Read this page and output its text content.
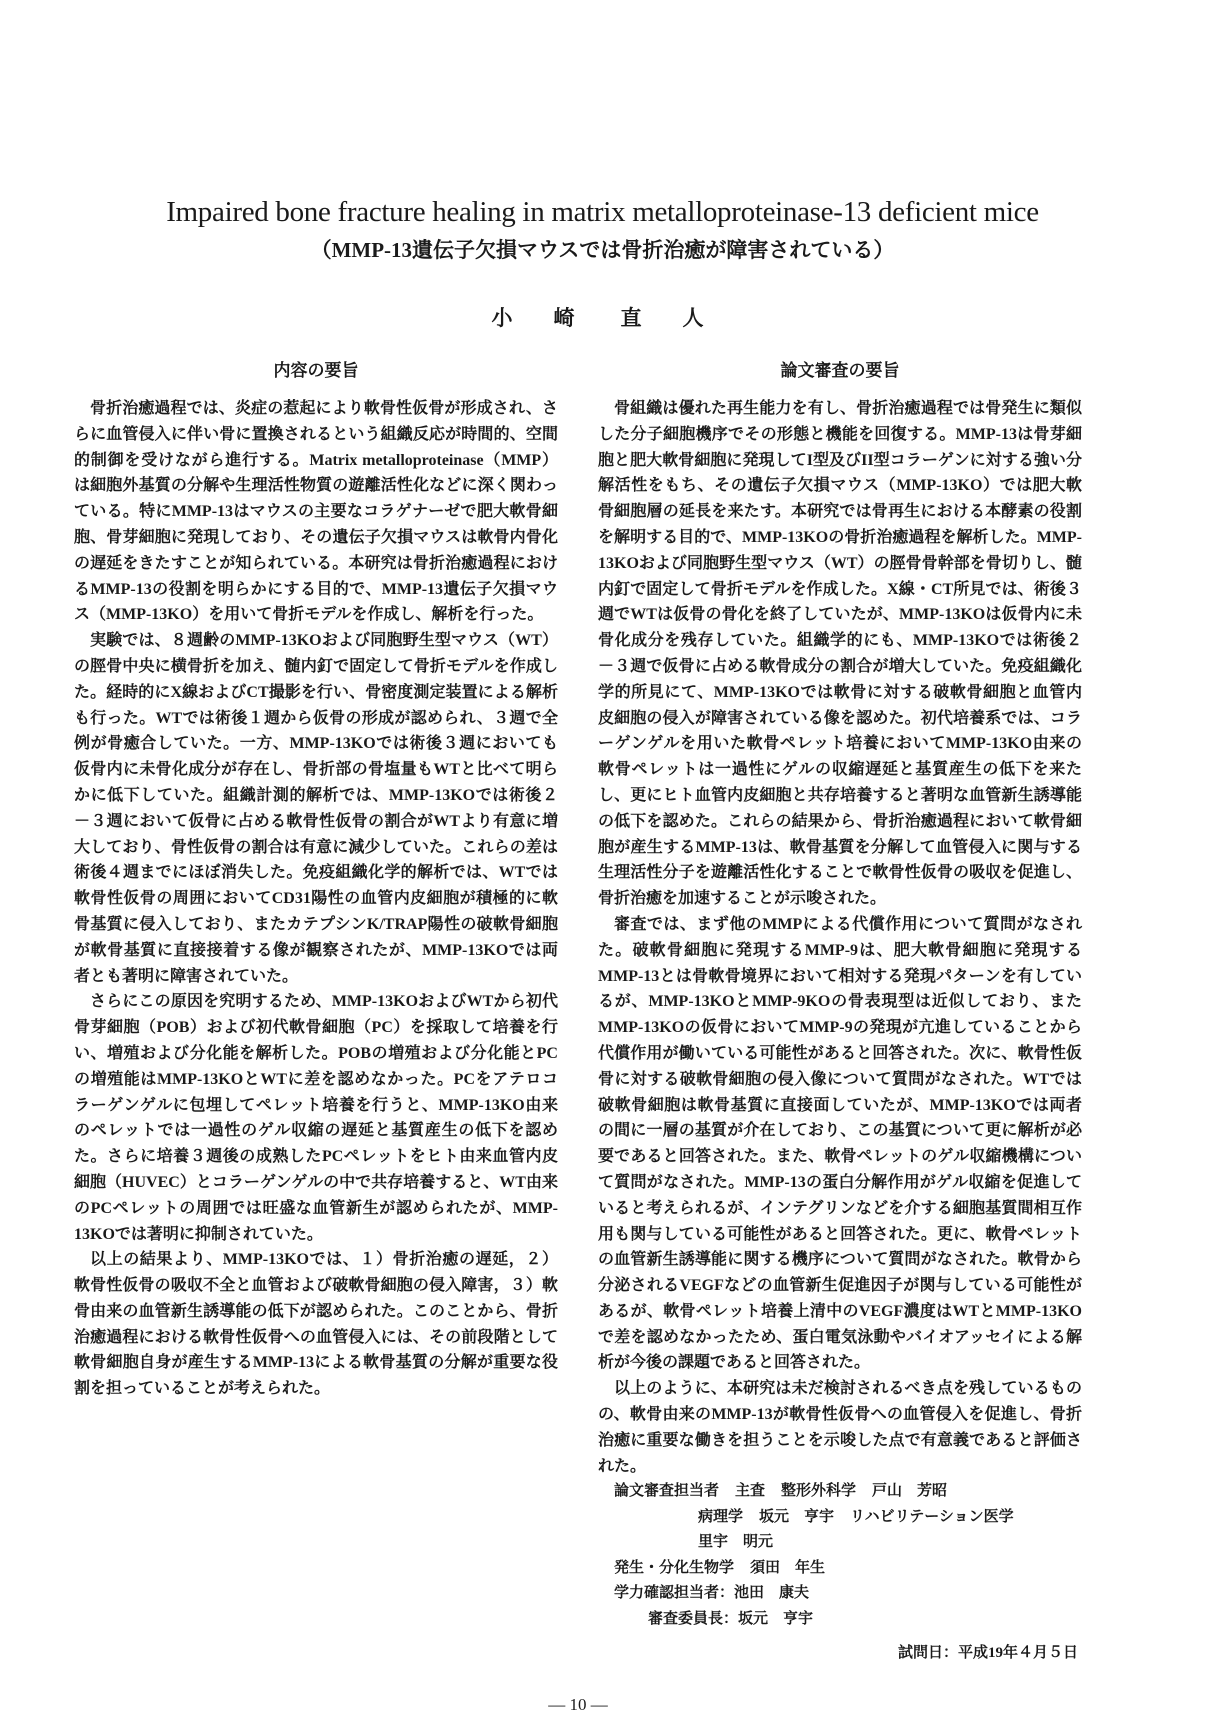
Impaired bone fracture healing in matrix metalloproteinase-13 deficient mice
（MMP-13遺伝子欠損マウスでは骨折治癒が障害されている）
小　崎 直　人
内容の要旨

骨折治癒過程では、炎症の惹起により軟骨性仮骨が形成され、さらに血管侵入に伴い骨に置換されるという組織反応が時間的、空間的制御を受けながら進行する。Matrix metalloproteinase（MMP）は細胞外基質の分解や生理活性物質の遊離活性化などに深く関わっている。特にMMP-13はマウスの主要なコラゲナーゼで肥大軟骨細胞、骨芽細胞に発現しており、その遺伝子欠損マウスは軟骨内骨化の遅延をきたすことが知られている。本研究は骨折治癒過程におけるMMP-13の役割を明らかにする目的で、MMP-13遺伝子欠損マウス（MMP-13KO）を用いて骨折モデルを作成し、解析を行った。

実験では、８週齢のMMP-13KOおよび同胞野生型マウス（WT）の脛骨中央に横骨折を加え、髄内釘で固定して骨折モデルを作成した。経時的にX線およびCT撮影を行い、骨密度測定装置による解析も行った。WTでは術後１週から仮骨の形成が認められ、３週で全例が骨癒合していた。一方、MMP-13KOでは術後３週においても仮骨内に未骨化成分が存在し、骨折部の骨塩量もWTと比べて明らかに低下していた。組織計測的解析では、MMP-13KOでは術後２－３週において仮骨に占める軟骨性仮骨の割合がWTより有意に増大しており、骨性仮骨の割合は有意に減少していた。これらの差は術後４週までにほぼ消失した。免疫組織化学的解析では、WTでは軟骨性仮骨の周囲においてCD31陽性の血管内皮細胞が積極的に軟骨基質に侵入しており、またカテプシンK/TRAP陽性の破軟骨細胞が軟骨基質に直接接着する像が観察されたが、MMP-13KOでは両者とも著明に障害されていた。

さらにこの原因を究明するため、MMP-13KOおよびWTから初代骨芽細胞（POB）および初代軟骨細胞（PC）を採取して培養を行い、増殖および分化能を解析した。POBの増殖および分化能とPCの増殖能はMMP-13KOとWTに差を認めなかった。PCをアテロコラーゲンゲルに包埋してペレット培養を行うと、MMP-13KO由来のペレットでは一過性のゲル収縮の遅延と基質産生の低下を認めた。さらに培養３週後の成熟したPCペレットをヒト由来血管内皮細胞（HUVEC）とコラーゲンゲルの中で共存培養すると、WT由来のPCペレットの周囲では旺盛な血管新生が認められたが、MMP-13KOでは著明に抑制されていた。

以上の結果より、MMP-13KOでは、１）骨折治癒の遅延，２）軟骨性仮骨の吸収不全と血管および破軟骨細胞の侵入障害，３）軟骨由来の血管新生誘導能の低下が認められた。このことから、骨折治癒過程における軟骨性仮骨への血管侵入には、その前段階として軟骨細胞自身が産生するMMP-13による軟骨基質の分解が重要な役割を担っていることが考えられた。

論文審査の要旨

骨組織は優れた再生能力を有し、骨折治癒過程では骨発生に類似した分子細胞機序でその形態と機能を回復する。MMP-13は骨芽細胞と肥大軟骨細胞に発現してI型及びII型コラーゲンに対する強い分解活性をもち、その遺伝子欠損マウス（MMP-13KO）では肥大軟骨細胞層の延長を来たす。本研究では骨再生における本酵素の役割を解明する目的で、MMP-13KOの骨折治癒過程を解析した。MMP-13KOおよび同胞野生型マウス（WT）の脛骨骨幹部を骨切りし、髄内釘で固定して骨折モデルを作成した。X線・CT所見では、術後３週でWTは仮骨の骨化を終了していたが、MMP-13KOは仮骨内に未骨化成分を残存していた。組織学的にも、MMP-13KOでは術後２－３週で仮骨に占める軟骨成分の割合が増大していた。免疫組織化学的所見にて、MMP-13KOでは軟骨に対する破軟骨細胞と血管内皮細胞の侵入が障害されている像を認めた。初代培養系では、コラーゲンゲルを用いた軟骨ペレット培養においてMMP-13KO由来の軟骨ペレットは一過性にゲルの収縮遅延と基質産生の低下を来たし、更にヒト血管内皮細胞と共存培養すると著明な血管新生誘導能の低下を認めた。これらの結果から、骨折治癒過程において軟骨細胞が産生するMMP-13は、軟骨基質を分解して血管侵入に関与する生理活性分子を遊離活性化することで軟骨性仮骨の吸収を促進し、骨折治癒を加速することが示唆された。

審査では、まず他のMMPによる代償作用について質問がなされた。破軟骨細胞に発現するMMP-9は、肥大軟骨細胞に発現するMMP-13とは骨軟骨境界において相対する発現パターンを有しているが、MMP-13KOとMMP-9KOの骨表現型は近似しており、またMMP-13KOの仮骨においてMMP-9の発現が亢進していることから代償作用が働いている可能性があると回答された。次に、軟骨性仮骨に対する破軟骨細胞の侵入像について質問がなされた。WTでは破軟骨細胞は軟骨基質に直接面していたが、MMP-13KOでは両者の間に一層の基質が介在しており、この基質について更に解析が必要であると回答された。また、軟骨ペレットのゲル収縮機構について質問がなされた。MMP-13の蛋白分解作用がゲル収縮を促進していると考えられるが、インテグリンなどを介する細胞基質間相互作用も関与している可能性があると回答された。更に、軟骨ペレットの血管新生誘導能に関する機序について質問がなされた。軟骨から分泌されるVEGFなどの血管新生促進因子が関与している可能性があるが、軟骨ペレット培養上清中のVEGF濃度はWTとMMP-13KOで差を認めなかったため、蛋白電気泳動やバイオアッセイによる解析が今後の課題であると回答された。

以上のように、本研究は未だ検討されるべき点を残しているものの、軟骨由来のMMP-13が軟骨性仮骨への血管侵入を促進し、骨折治癒に重要な働きを担うことを示唆した点で有意義であると評価された。

論文審査担当者 主査 整形外科学 戸山　芳昭
病理学 坂元　亨宇 リハビリテーション医学里宇　明元
発生・分化生物学 須田　年生
学力確認担当者：池田　康夫
審査委員長：坂元　亨宇
試問日：平成19年４月５日
— 10 —
